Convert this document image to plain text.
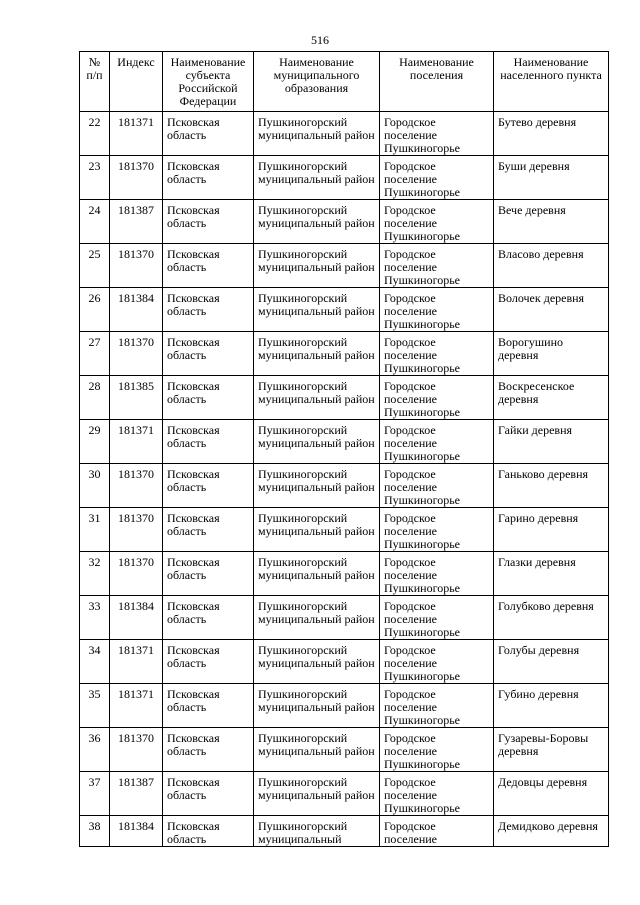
516
№ п/п	Индекс	Наименование субъекта Российской Федерации	Наименование муниципального образования	Наименование поселения	Наименование населенного пункта
22	181371	Псковская область	Пушкиногорский муниципальный район	Городское поселение Пушкиногорье	Бутево деревня
23	181370	Псковская область	Пушкиногорский муниципальный район	Городское поселение Пушкиногорье	Буши деревня
24	181387	Псковская область	Пушкиногорский муниципальный район	Городское поселение Пушкиногорье	Вече деревня
25	181370	Псковская область	Пушкиногорский муниципальный район	Городское поселение Пушкиногорье	Власово деревня
26	181384	Псковская область	Пушкиногорский муниципальный район	Городское поселение Пушкиногорье	Волочек деревня
27	181370	Псковская область	Пушкиногорский муниципальный район	Городское поселение Пушкиногорье	Ворогушино деревня
28	181385	Псковская область	Пушкиногорский муниципальный район	Городское поселение Пушкиногорье	Воскресенское деревня
29	181371	Псковская область	Пушкиногорский муниципальный район	Городское поселение Пушкиногорье	Гайки деревня
30	181370	Псковская область	Пушкиногорский муниципальный район	Городское поселение Пушкиногорье	Ганьково деревня
31	181370	Псковская область	Пушкиногорский муниципальный район	Городское поселение Пушкиногорье	Гарино деревня
32	181370	Псковская область	Пушкиногорский муниципальный район	Городское поселение Пушкиногорье	Глазки деревня
33	181384	Псковская область	Пушкиногорский муниципальный район	Городское поселение Пушкиногорье	Голубково деревня
34	181371	Псковская область	Пушкиногорский муниципальный район	Городское поселение Пушкиногорье	Голубы деревня
35	181371	Псковская область	Пушкиногорский муниципальный район	Городское поселение Пушкиногорье	Губино деревня
36	181370	Псковская область	Пушкиногорский муниципальный район	Городское поселение Пушкиногорье	Гузаревы-Боровы деревня
37	181387	Псковская область	Пушкиногорский муниципальный район	Городское поселение Пушкиногорье	Дедовцы деревня
38	181384	Псковская область	Пушкиногорский муниципальный	Городское поселение	Демидково деревня
